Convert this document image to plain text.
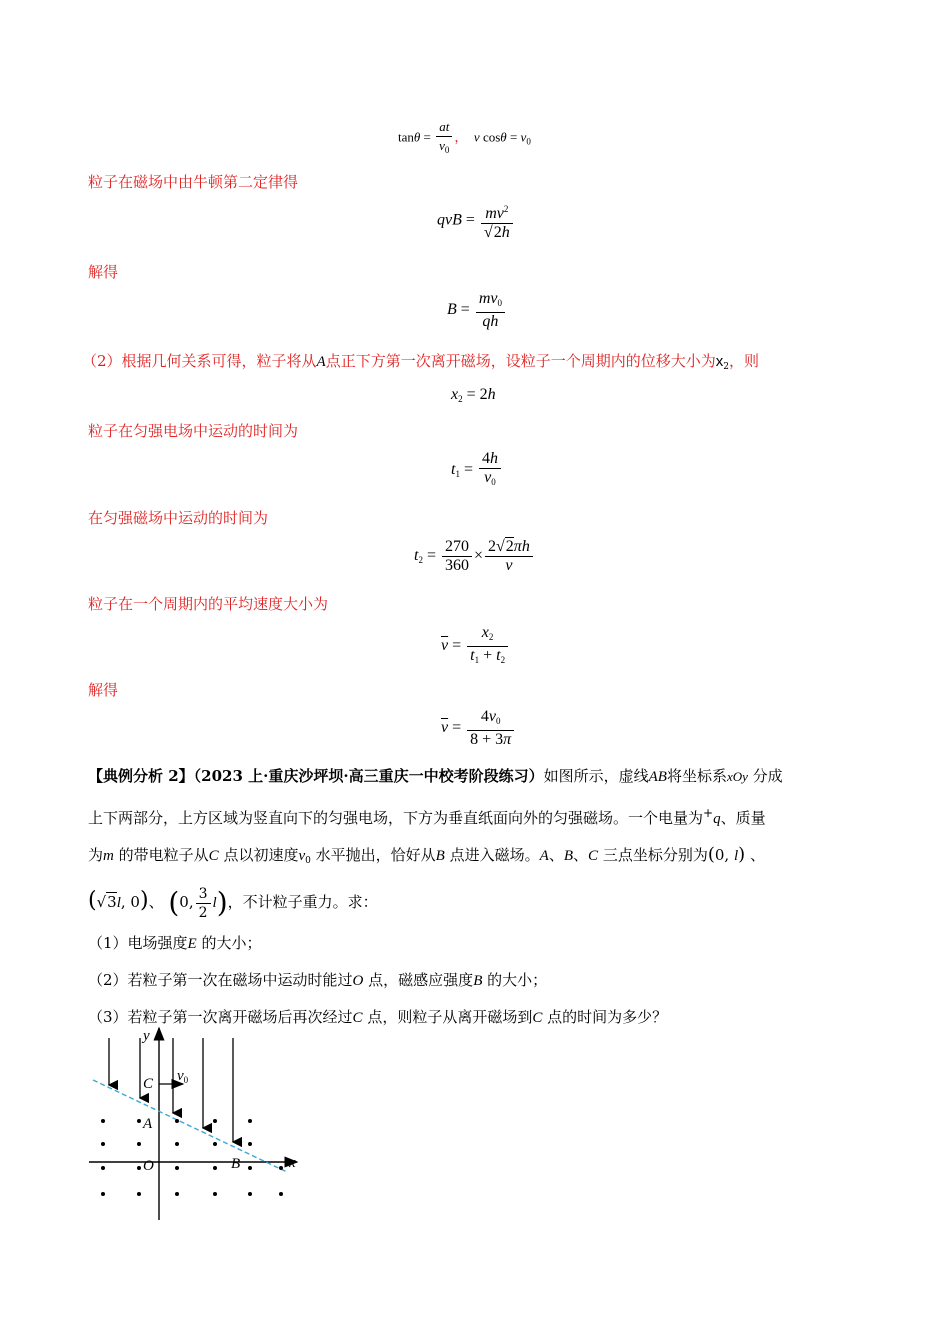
$\tan\theta = \frac{at}{v_0}$ ，  v $\cos\theta = v_0$
粒子在磁场中由牛顿第二定律得
qvB = $\frac{mv^2}{√2h}$
解得
$B = \frac{mv_0}{qh}$
（2）根据几何关系可得，粒子将从A点正下方第一次离开磁场，设粒子一个周期内的位移大小为$x_2$，则
$x_2 = 2h$
粒子在匀强电场中运动的时间为
$t_1 = \frac{4h}{v_0}$
在匀强磁场中运动的时间为
$t_2 = \frac{270}{360} \times \frac{2√2\pi h}{v}$
粒子在一个周期内的平均速度大小为
$\overline{v} = \frac{x_2}{t_1 + t_2}$
解得
$\overline{v} = \frac{4v_0}{8 + 3\pi}$
【典例分析 2】（2023 上·重庆沙坪坝·高三重庆一中校考阶段练习）如图所示，虚线AB将坐标系xOy 分成
上下两部分，上方区域为竖直向下的匀强电场，下方为垂直纸面向外的匀强磁场。一个电量为+q、质量
为m 的带电粒子从C 点以初速度$v_0$ 水平抛出，恰好从B 点进入磁场。A、B、C 三点坐标分别为(0, l) 、
(√3l, 0)、 (0, $\frac{3}{2} l$)，不计粒子重力。求：
（1）电场强度E 的大小；
（2）若粒子第一次在磁场中运动时能过O 点，磁感应强度B 的大小；
（3）若粒子第一次离开磁场后再次经过C 点，则粒子从离开磁场到C 点的时间为多少？
y
C $v_0$
A
O	B	x
